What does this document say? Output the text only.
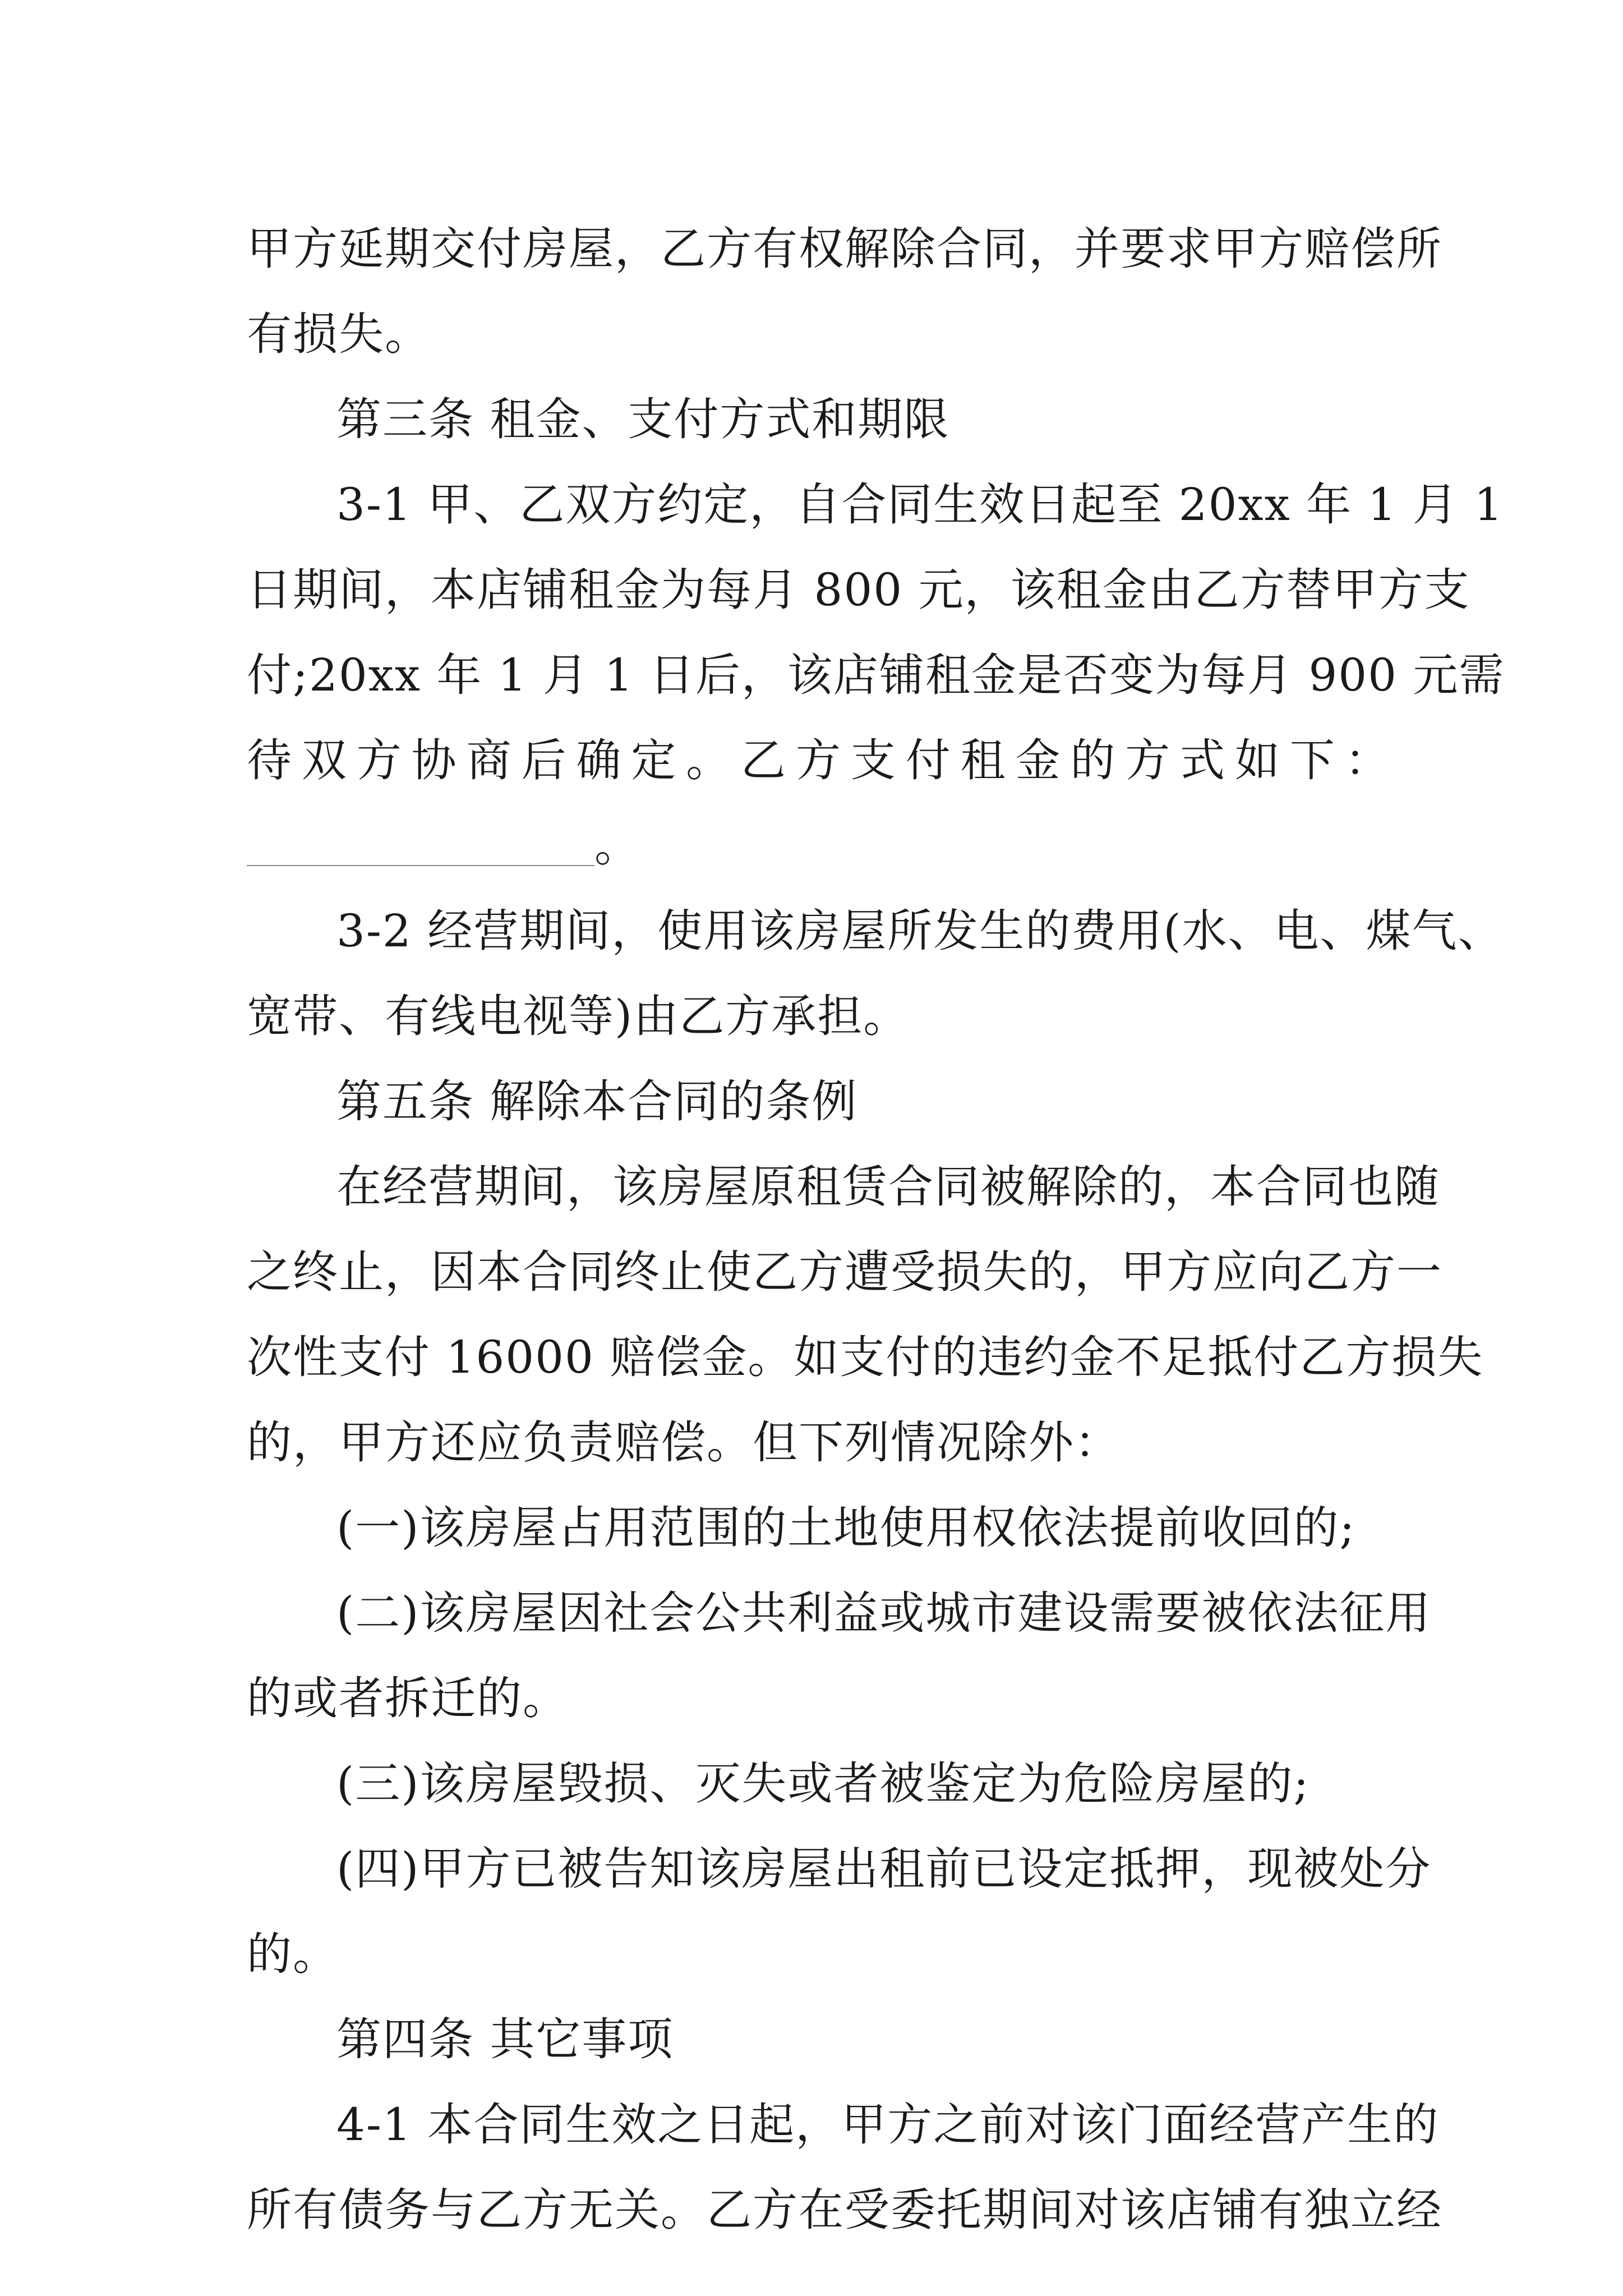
甲方延期交付房屋，乙方有权解除合同，并要求甲方赔偿所
有损失。
第三条 租金、支付方式和期限
3-1 甲、乙双方约定，自合同生效日起至 20xx 年 1 月 1
日期间，本店铺租金为每月 800 元，该租金由乙方替甲方支
付;20xx 年 1 月 1 日后，该店铺租金是否变为每月 900 元需
待 双 方 协 商 后 确 定 。 乙 方 支 付 租 金 的 方 式 如 下 ：
。
3-2 经营期间，使用该房屋所发生的费用(水、电、煤气、
宽带、有线电视等)由乙方承担。
第五条 解除本合同的条例
在经营期间，该房屋原租赁合同被解除的，本合同也随
之终止，因本合同终止使乙方遭受损失的，甲方应向乙方一
次性支付 16000 赔偿金。如支付的违约金不足抵付乙方损失
的，甲方还应负责赔偿。但下列情况除外：
(一)该房屋占用范围的土地使用权依法提前收回的;
(二)该房屋因社会公共利益或城市建设需要被依法征用
的或者拆迁的。
(三)该房屋毁损、灭失或者被鉴定为危险房屋的;
(四)甲方已被告知该房屋出租前已设定抵押，现被处分
的。
第四条 其它事项
4-1 本合同生效之日起，甲方之前对该门面经营产生的
所有债务与乙方无关。乙方在受委托期间对该店铺有独立经
